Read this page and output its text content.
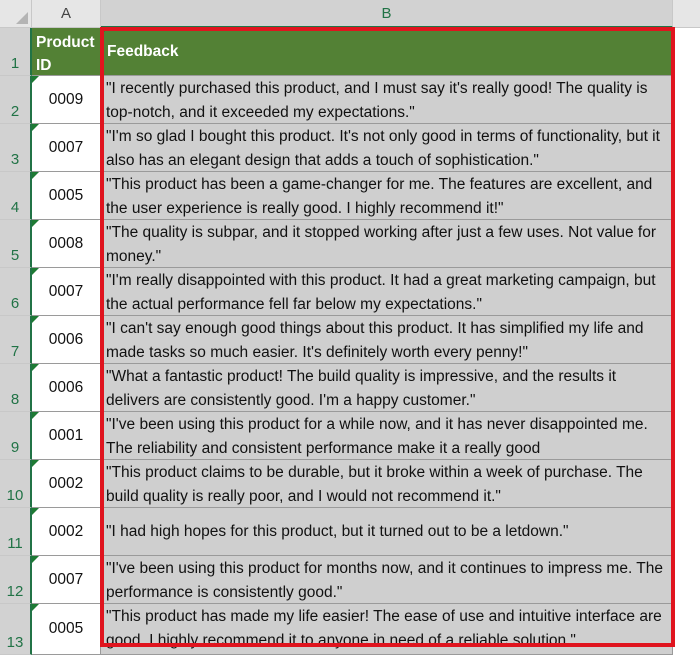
A	B
1
Product ID
Feedback
2
0009
"I recently purchased this product, and I must say it's really good! The quality is top-notch, and it exceeded my expectations."
3
0007
"I'm so glad I bought this product. It's not only good in terms of functionality, but it also has an elegant design that adds a touch of sophistication."
4
0005
"This product has been a game-changer for me. The features are excellent, and the user experience is really good. I highly recommend it!"
5
0008
"The quality is subpar, and it stopped working after just a few uses. Not value for money."
6
0007
"I'm really disappointed with this product. It had a great marketing campaign, but the actual performance fell far below my expectations."
7
0006
"I can't say enough good things about this product. It has simplified my life and made tasks so much easier. It's definitely worth every penny!"
8
0006
"What a fantastic product! The build quality is impressive, and the results it delivers are consistently good. I'm a happy customer."
9
0001
"I've been using this product for a while now, and it has never disappointed me. The reliability and consistent performance make it a really good
10
0002
"This product claims to be durable, but it broke within a week of purchase. The build quality is really poor, and I would not recommend it."
11
0002 "I had high hopes for this product, but it turned out to be a letdown."
12
0007
"I've been using this product for months now, and it continues to impress me. The performance is consistently good."
13
0005
"This product has made my life easier! The ease of use and intuitive interface are good. I highly recommend it to anyone in need of a reliable solution."
